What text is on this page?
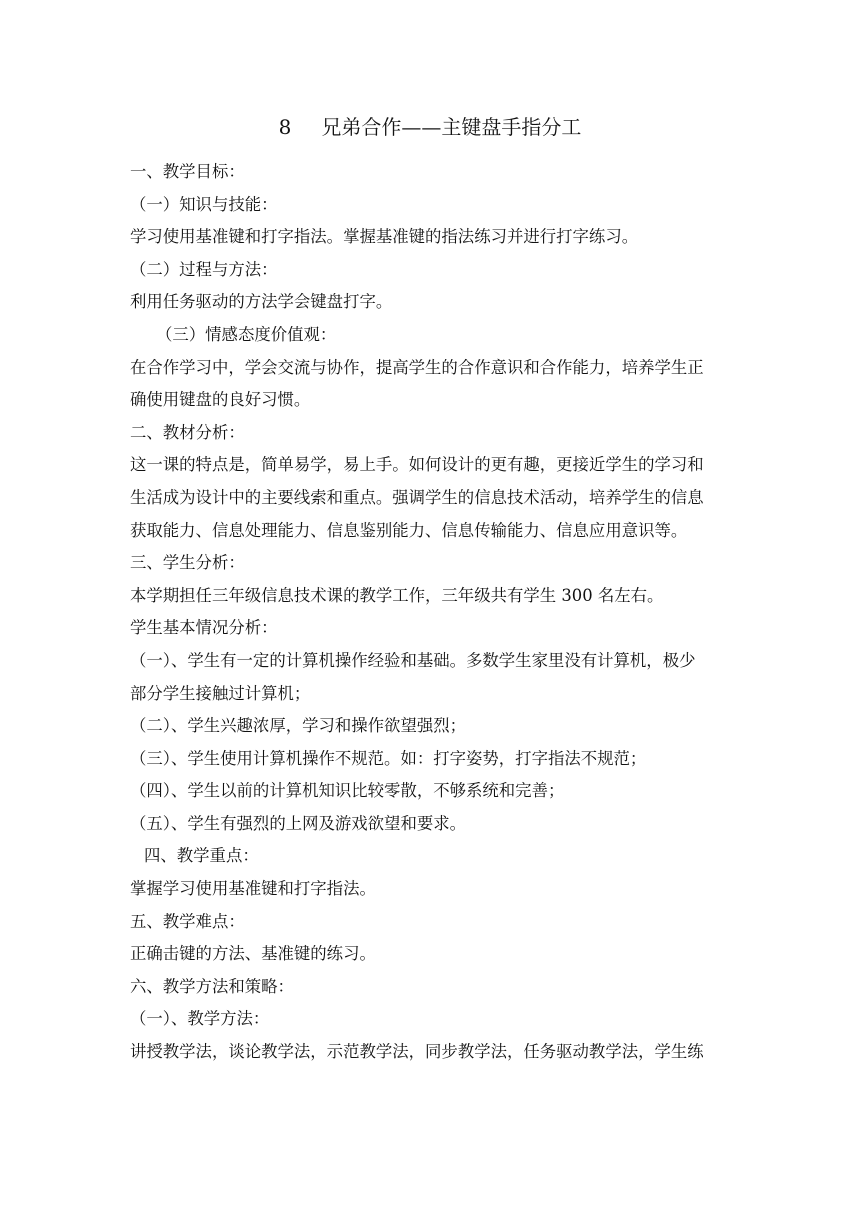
8 兄弟合作——主键盘手指分工
一、教学目标：
（一）知识与技能：
学习使用基准键和打字指法。掌握基准键的指法练习并进行打字练习。
（二）过程与方法：
利用任务驱动的方法学会键盘打字。
（三）情感态度价值观：
在合作学习中，学会交流与协作，提高学生的合作意识和合作能力，培养学生正
确使用键盘的良好习惯。
二、教材分析：
这一课的特点是，简单易学，易上手。如何设计的更有趣，更接近学生的学习和
生活成为设计中的主要线索和重点。强调学生的信息技术活动，培养学生的信息
获取能力、信息处理能力、信息鉴别能力、信息传输能力、信息应用意识等。
三、学生分析：
本学期担任三年级信息技术课的教学工作，三年级共有学生 300 名左右。
学生基本情况分析：
（一）、学生有一定的计算机操作经验和基础。多数学生家里没有计算机，极少
部分学生接触过计算机；
（二）、学生兴趣浓厚，学习和操作欲望强烈；
（三）、学生使用计算机操作不规范。如：打字姿势，打字指法不规范；
（四）、学生以前的计算机知识比较零散，不够系统和完善；
（五）、学生有强烈的上网及游戏欲望和要求。
四、教学重点：
掌握学习使用基准键和打字指法。
五、教学难点：
正确击键的方法、基准键的练习。
六、教学方法和策略：
（一）、教学方法：
讲授教学法，谈论教学法，示范教学法，同步教学法，任务驱动教学法，学生练
